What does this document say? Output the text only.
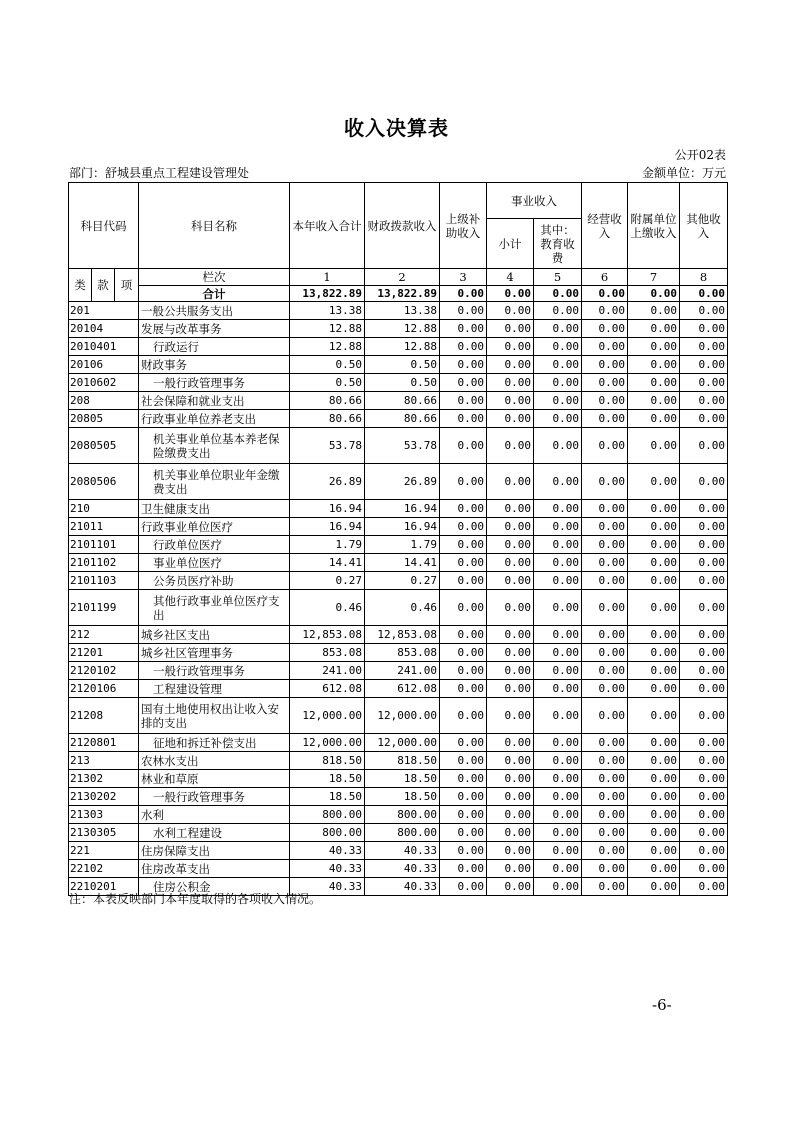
收入决算表
公开02表
部门：舒城县重点工程建设管理处	金额单位：万元
科目代码			科目名称	本年收入合计	财政拨款收入	上级补助收入	事业收入		经营收入	附属单位上缴收入	其他收入
							小计	其中：教育收费			
类	款	项	栏次	1	2	3	4	5	6	7	8
			合计	13,822.89	13,822.89	0.00	0.00	0.00	0.00	0.00	0.00
201			一般公共服务支出	13.38	13.38	0.00	0.00	0.00	0.00	0.00	0.00
20104			发展与改革事务	12.88	12.88	0.00	0.00	0.00	0.00	0.00	0.00
2010401			行政运行	12.88	12.88	0.00	0.00	0.00	0.00	0.00	0.00
20106			财政事务	0.50	0.50	0.00	0.00	0.00	0.00	0.00	0.00
2010602			一般行政管理事务	0.50	0.50	0.00	0.00	0.00	0.00	0.00	0.00
208			社会保障和就业支出	80.66	80.66	0.00	0.00	0.00	0.00	0.00	0.00
20805			行政事业单位养老支出	80.66	80.66	0.00	0.00	0.00	0.00	0.00	0.00
2080505			机关事业单位基本养老保险缴费支出	53.78	53.78	0.00	0.00	0.00	0.00	0.00	0.00
2080506			机关事业单位职业年金缴费支出	26.89	26.89	0.00	0.00	0.00	0.00	0.00	0.00
210			卫生健康支出	16.94	16.94	0.00	0.00	0.00	0.00	0.00	0.00
21011			行政事业单位医疗	16.94	16.94	0.00	0.00	0.00	0.00	0.00	0.00
2101101			行政单位医疗	1.79	1.79	0.00	0.00	0.00	0.00	0.00	0.00
2101102			事业单位医疗	14.41	14.41	0.00	0.00	0.00	0.00	0.00	0.00
2101103			公务员医疗补助	0.27	0.27	0.00	0.00	0.00	0.00	0.00	0.00
2101199			其他行政事业单位医疗支出	0.46	0.46	0.00	0.00	0.00	0.00	0.00	0.00
212			城乡社区支出	12,853.08	12,853.08	0.00	0.00	0.00	0.00	0.00	0.00
21201			城乡社区管理事务	853.08	853.08	0.00	0.00	0.00	0.00	0.00	0.00
2120102			一般行政管理事务	241.00	241.00	0.00	0.00	0.00	0.00	0.00	0.00
2120106			工程建设管理	612.08	612.08	0.00	0.00	0.00	0.00	0.00	0.00
21208			国有土地使用权出让收入安排的支出	12,000.00	12,000.00	0.00	0.00	0.00	0.00	0.00	0.00
2120801			征地和拆迁补偿支出	12,000.00	12,000.00	0.00	0.00	0.00	0.00	0.00	0.00
213			农林水支出	818.50	818.50	0.00	0.00	0.00	0.00	0.00	0.00
21302			林业和草原	18.50	18.50	0.00	0.00	0.00	0.00	0.00	0.00
2130202			一般行政管理事务	18.50	18.50	0.00	0.00	0.00	0.00	0.00	0.00
21303			水利	800.00	800.00	0.00	0.00	0.00	0.00	0.00	0.00
2130305			水利工程建设	800.00	800.00	0.00	0.00	0.00	0.00	0.00	0.00
221			住房保障支出	40.33	40.33	0.00	0.00	0.00	0.00	0.00	0.00
22102			住房改革支出	40.33	40.33	0.00	0.00	0.00	0.00	0.00	0.00
2210201			住房公积金	40.33	40.33	0.00	0.00	0.00	0.00	0.00	0.00
注：本表反映部门本年度取得的各项收入情况。
-6-
